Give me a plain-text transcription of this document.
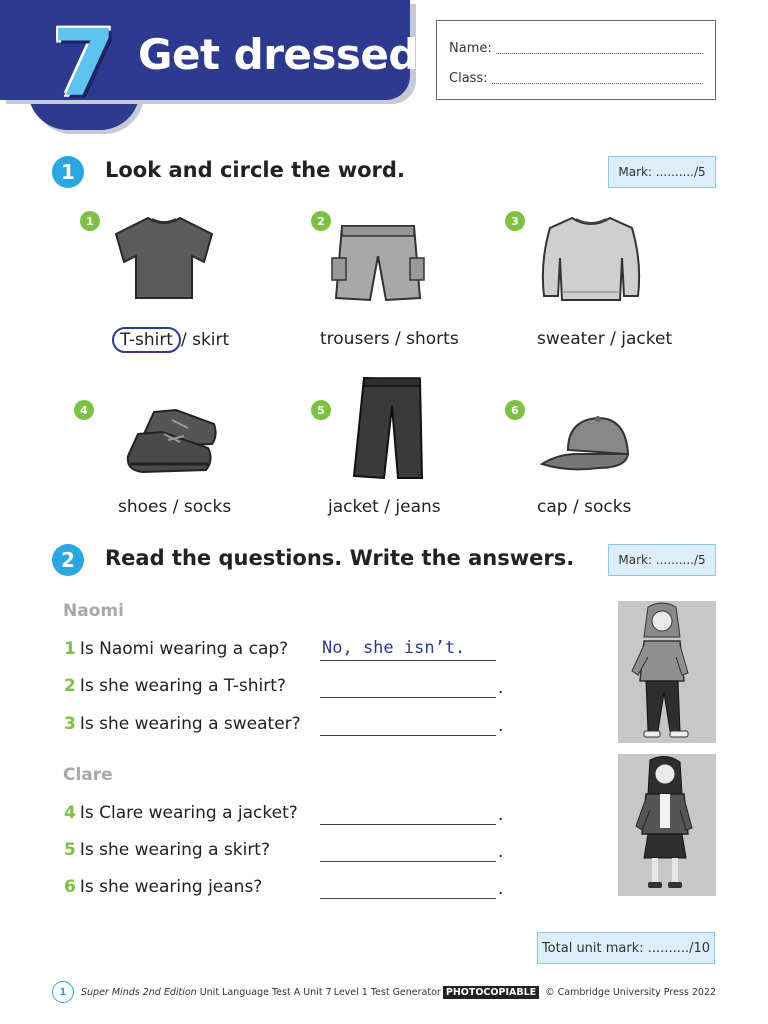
7 Get dressed Name:
Class:
1	Look and circle the word.	Mark: ........../5
1
T-shirt / skirt
2
trousers / shorts
3
sweater / jacket
4
shoes / socks
5
jacket / jeans
6
cap / socks
2	Read the questions. Write the answers.	Mark: ........../5
Naomi
1 Is Naomi wearing a cap? No, she isn’t.
2 Is she wearing a T-shirt?	.
3 Is she wearing a sweater?	.
Clare
4 Is Clare wearing a jacket?	.
5 Is she wearing a skirt?	.
6 Is she wearing jeans?	.
Total unit mark: ........../10
1	Super Minds 2nd Edition Unit Language Test A Unit 7 Level 1 Test Generator PHOTOCOPIABLE © Cambridge University Press 2022
